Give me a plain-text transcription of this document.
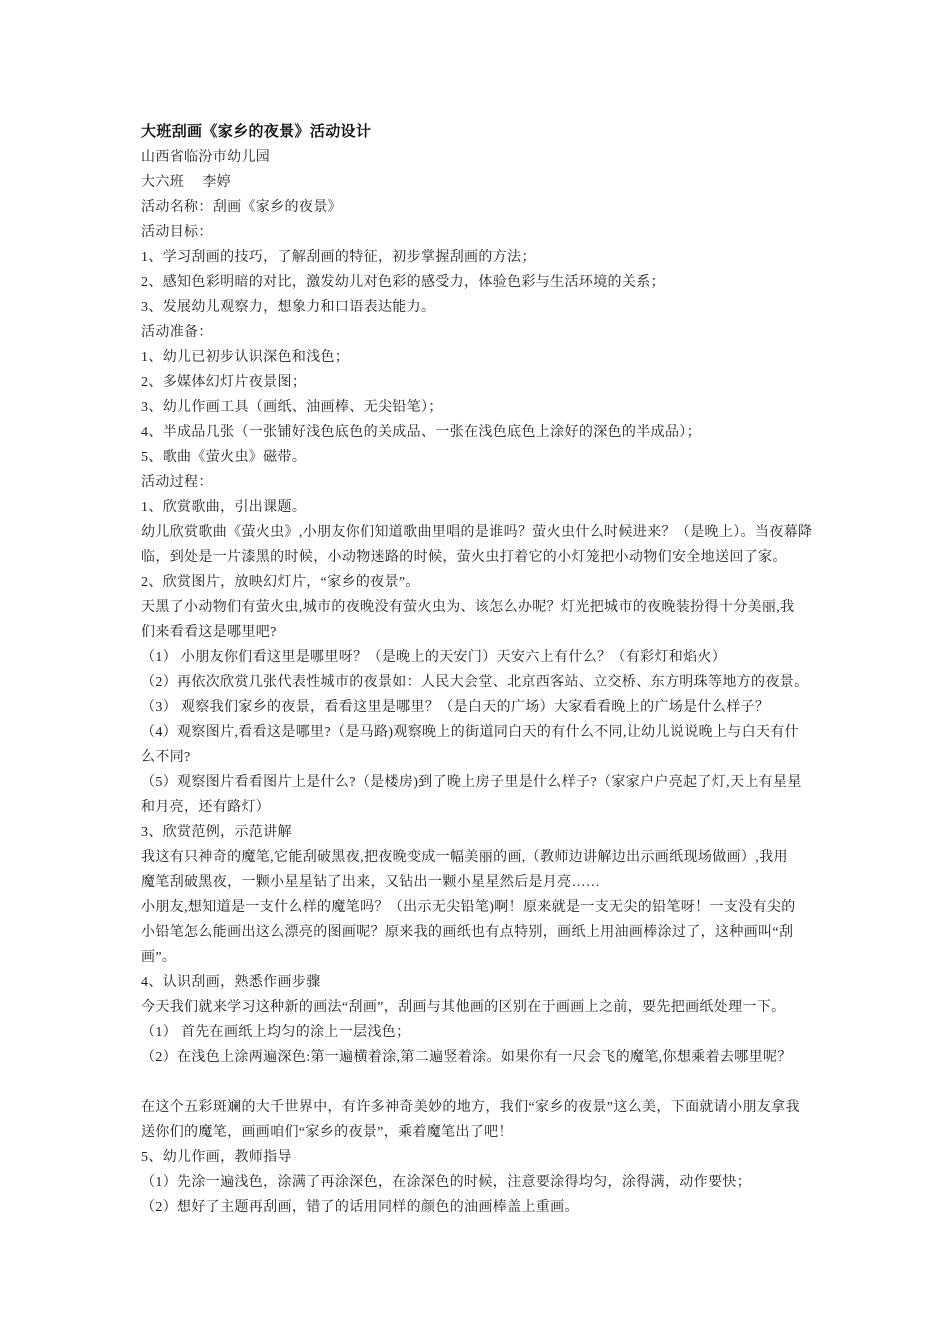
大班刮画《家乡的夜景》活动设计
山西省临汾市幼儿园
大六班　 李婷
活动名称：刮画《家乡的夜景》
活动目标：
1、学习刮画的技巧，了解刮画的特征，初步掌握刮画的方法；
2、感知色彩明暗的对比，激发幼儿对色彩的感受力，体验色彩与生活环境的关系；
3、发展幼儿观察力，想象力和口语表达能力。
活动准备：
1、幼儿已初步认识深色和浅色；
2、多媒体幻灯片夜景图；
3、幼儿作画工具（画纸、油画棒、无尖铅笔）；
4、半成品几张（一张铺好浅色底色的关成品、一张在浅色底色上涂好的深色的半成品）；
5、歌曲《萤火虫》磁带。
活动过程：
1、欣赏歌曲，引出课题。
幼儿欣赏歌曲《萤火虫》,小朋友你们知道歌曲里唱的是谁吗？萤火虫什么时候进来？（是晚上）。当夜幕降
临，到处是一片漆黑的时候，小动物迷路的时候，萤火虫打着它的小灯笼把小动物们安全地送回了家。
2、欣赏图片，放映幻灯片，“家乡的夜景”。
天黑了小动物们有萤火虫,城市的夜晚没有萤火虫为、该怎么办呢？灯光把城市的夜晚装扮得十分美丽,我
们来看看这是哪里吧?
（1） 小朋友你们看这里是哪里呀？（是晚上的天安门）天安六上有什么？（有彩灯和焰火）
（2）再依次欣赏几张代表性城市的夜景如：人民大会堂、北京西客站、立交桥、东方明珠等地方的夜景。
（3） 观察我们家乡的夜景，看看这里是哪里？（是白天的广场）大家看看晚上的广场是什么样子？
（4）观察图片,看看这是哪里?（是马路)观察晚上的街道同白天的有什么不同,让幼儿说说晚上与白天有什
么不同?
（5）观察图片看看图片上是什么?（是楼房)到了晚上房子里是什么样子?（家家户户亮起了灯,天上有星星
和月亮，还有路灯）
3、欣赏范例，示范讲解
我这有只神奇的魔笔,它能刮破黑夜,把夜晚变成一幅美丽的画,（教师边讲解边出示画纸现场做画）,我用
魔笔刮破黑夜，一颗小星星钻了出来，又钻出一颗小星星然后是月亮……
小朋友,想知道是一支什么样的魔笔吗？（出示无尖铅笔)啊！原来就是一支无尖的铅笔呀！一支没有尖的
小铅笔怎么能画出这么漂亮的图画呢？原来我的画纸也有点特别，画纸上用油画棒涂过了，这种画叫“刮
画”。
4、认识刮画，熟悉作画步骤
今天我们就来学习这种新的画法“刮画”，刮画与其他画的区别在于画画上之前，要先把画纸处理一下。
（1） 首先在画纸上均匀的涂上一层浅色；
（2）在浅色上涂两遍深色:第一遍横着涂,第二遍竖着涂。如果你有一尺会飞的魔笔,你想乘着去哪里呢？
在这个五彩斑斓的大千世界中，有许多神奇美妙的地方，我们“家乡的夜景”这么美，下面就请小朋友拿我
送你们的魔笔，画画咱们“家乡的夜景”，乘着魔笔出了吧！
5、幼儿作画，教师指导
（1）先涂一遍浅色，涂满了再涂深色，在涂深色的时候，注意要涂得均匀，涂得满，动作要快；
（2）想好了主题再刮画，错了的话用同样的颜色的油画棒盖上重画。
